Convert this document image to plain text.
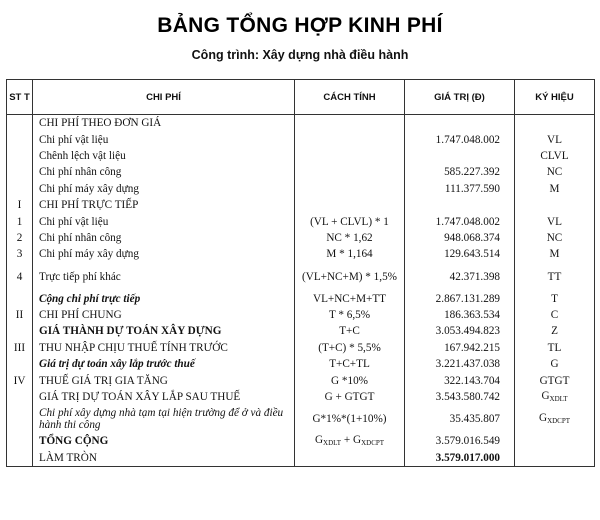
BẢNG TỔNG HỢP KINH PHÍ
Công trình: Xây dựng nhà điều hành
ST T	CHI PHÍ	CÁCH TÍNH	GIÁ TRỊ (Đ)	KÝ HIỆU
	CHI PHÍ THEO ĐƠN GIÁ			
	Chi phí vật liệu		1.747.048.002	VL
	Chênh lệch vật liệu			CLVL
	Chi phí nhân công		585.227.392	NC
	Chi phí máy xây dựng		111.377.590	M
I	CHI PHÍ TRỰC TIẾP			
1	Chi phí vật liệu	(VL + CLVL) * 1	1.747.048.002	VL
2	Chi phí nhân công	NC * 1,62	948.068.374	NC
3	Chi phí máy xây dựng	M * 1,164	129.643.514	M
4	Trực tiếp phí khác	(VL+NC+M) * 1,5%	42.371.398	TT
	Cộng chi phí trực tiếp	VL+NC+M+TT	2.867.131.289	T
II	CHI PHÍ CHUNG	T * 6,5%	186.363.534	C
	GIÁ THÀNH DỰ TOÁN XÂY DỰNG	T+C	3.053.494.823	Z
III	THU NHẬP CHỊU THUẾ TÍNH TRƯỚC	(T+C) * 5,5%	167.942.215	TL
	Giá trị dự toán xây lắp trước thuế	T+C+TL	3.221.437.038	G
IV	THUẾ GIÁ TRỊ GIA TĂNG	G *10%	322.143.704	GTGT
	GIÁ TRỊ DỰ TOÁN XÂY LẮP SAU THUẾ	G + GTGT	3.543.580.742	$G_{XDLT}$
	Chi phí xây dựng nhà tạm tại hiện trường để ở và điều hành thi công	G*1%*(1+10%)	35.435.807	$G_{XDCPT}$
	TỔNG CỘNG	$G_{XDLT} + G_{XDCPT}$	3.579.016.549	
	LÀM TRÒN		3.579.017.000	
